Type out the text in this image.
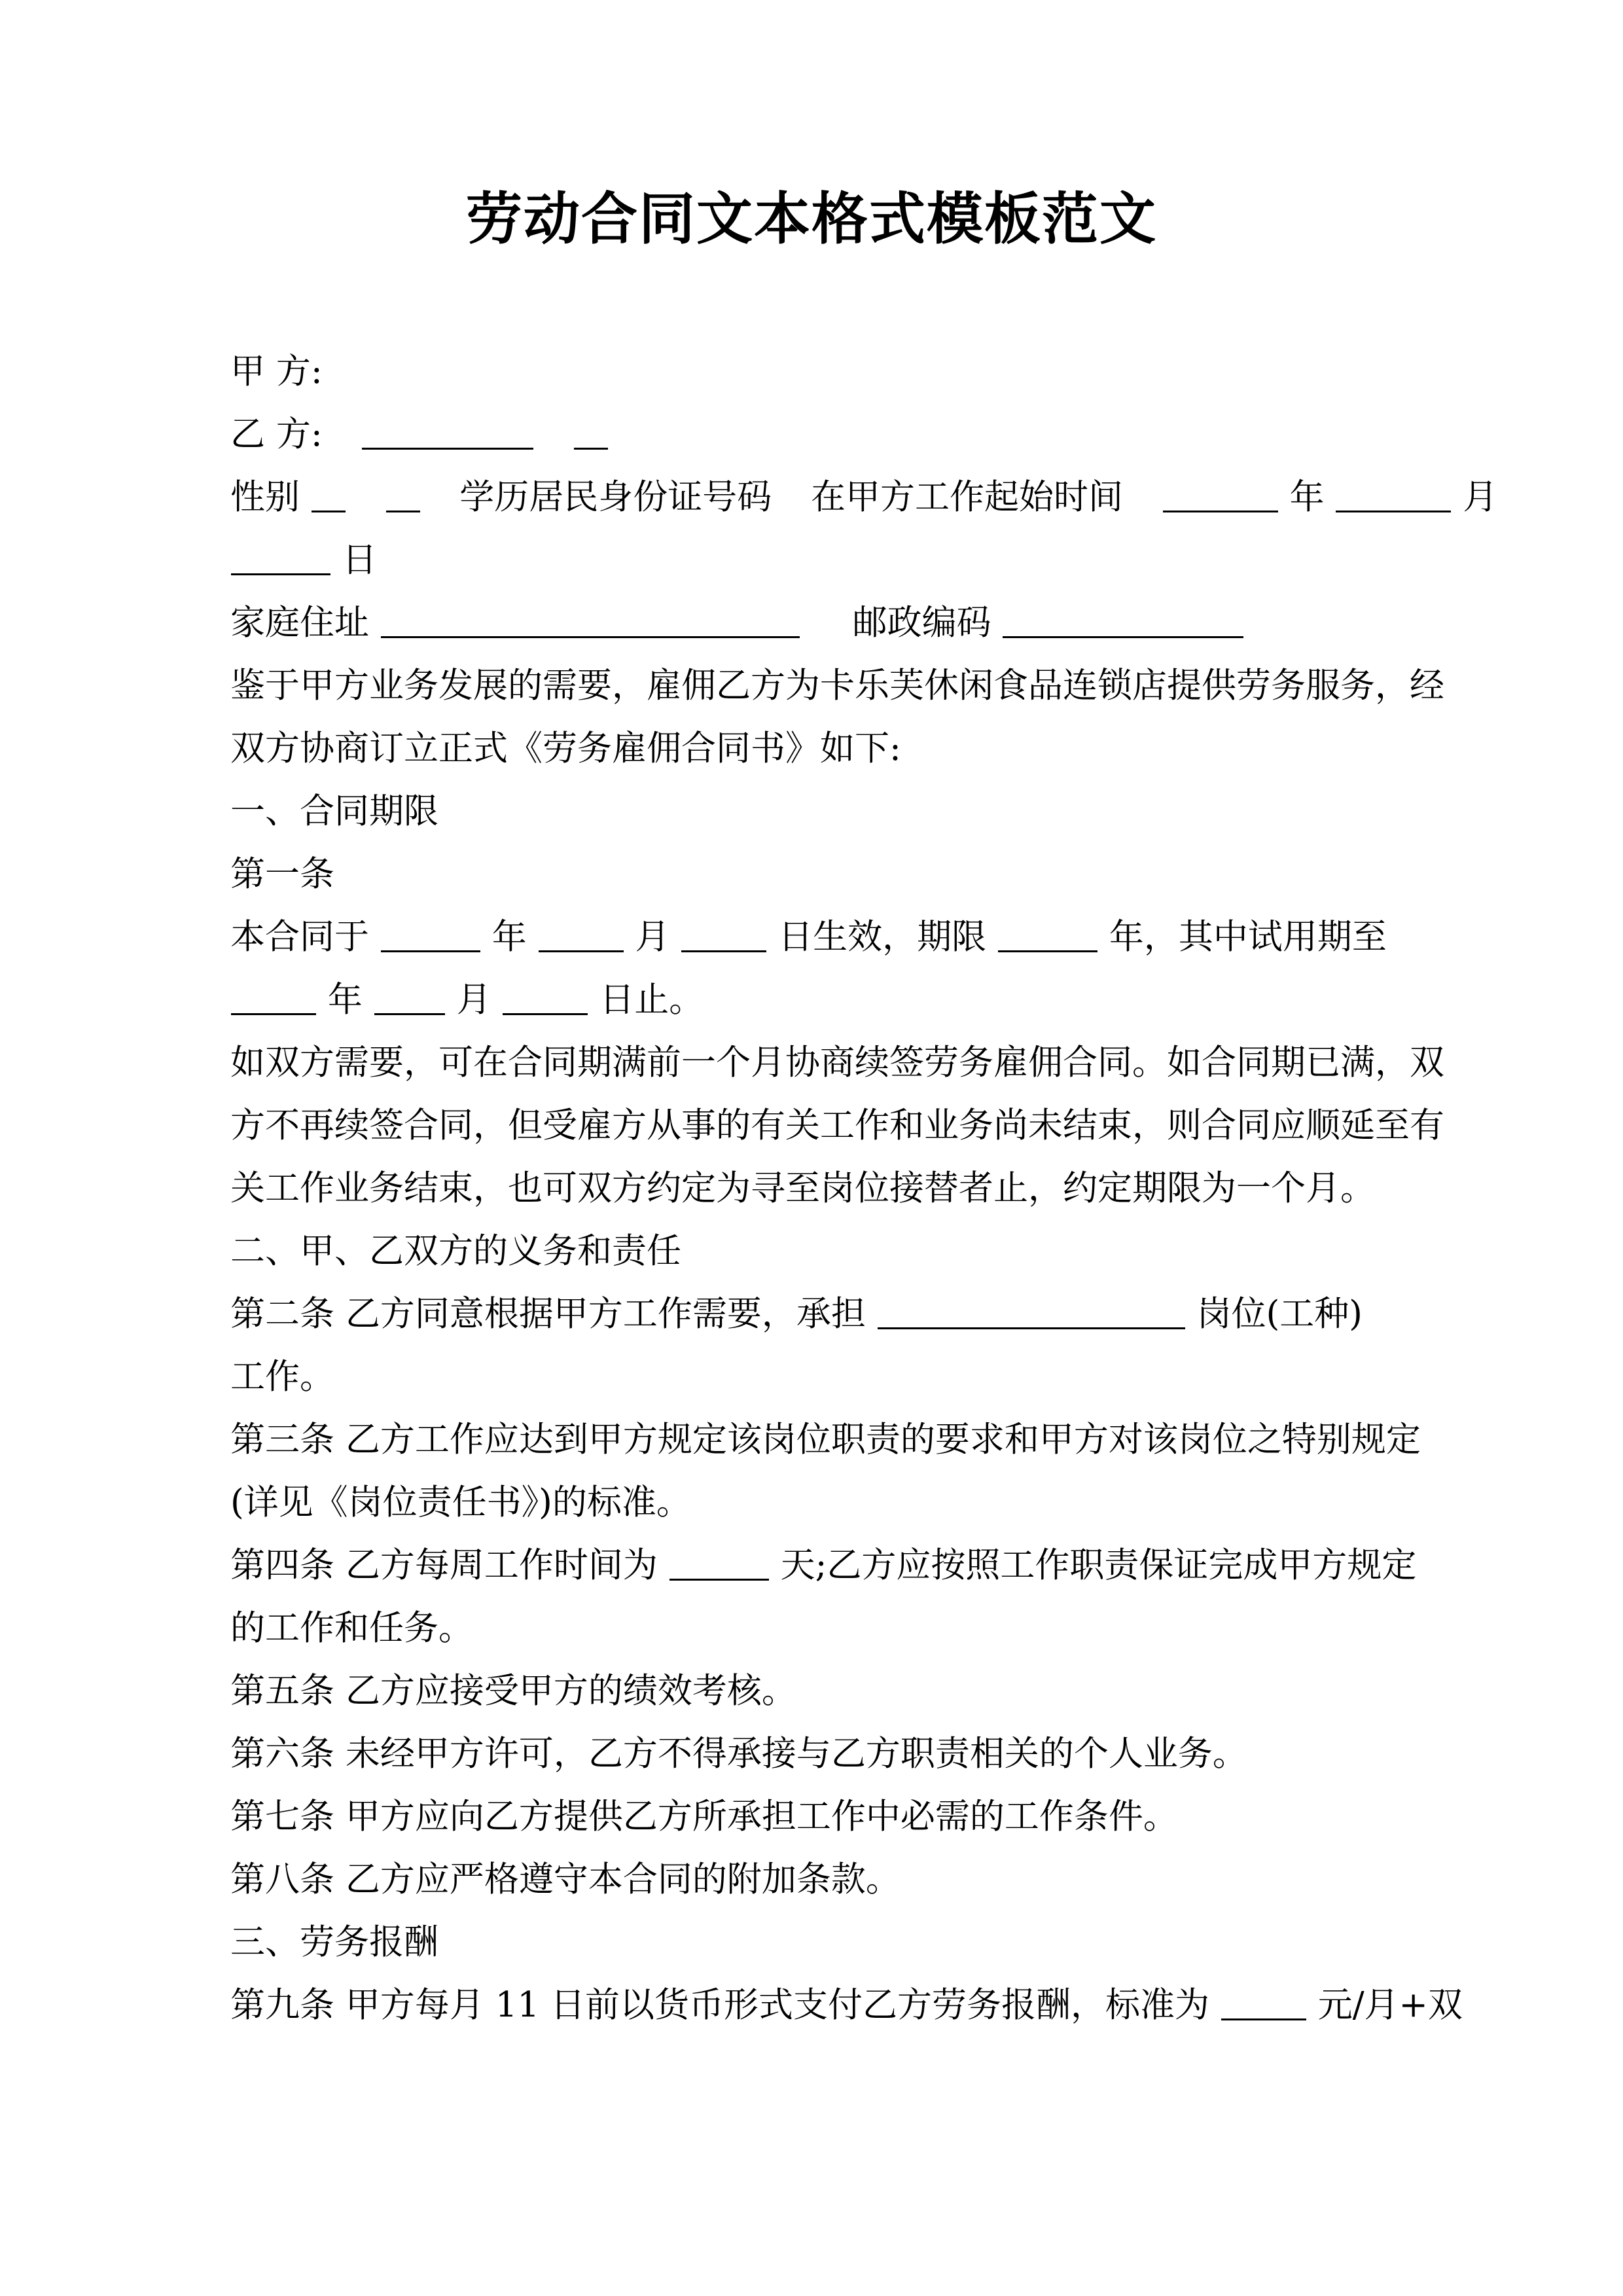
劳动合同文本格式模板范文
甲 方:
乙 方:
性别	学历居民身份证号码 在甲方工作起始时间	年	月
日
家庭住址	邮政编码
鉴于甲方业务发展的需要，雇佣乙方为卡乐芙休闲食品连锁店提供劳务服务，经
双方协商订立正式《劳务雇佣合同书》如下:
一、合同期限
第一条
本合同于	年	月	日生效，期限	年，其中试用期至
年	月	日止。
如双方需要，可在合同期满前一个月协商续签劳务雇佣合同。如合同期已满，双
方不再续签合同，但受雇方从事的有关工作和业务尚未结束，则合同应顺延至有
关工作业务结束，也可双方约定为寻至岗位接替者止，约定期限为一个月。
二、甲、乙双方的义务和责任
第二条 乙方同意根据甲方工作需要，承担	岗位(工种)
工作。
第三条 乙方工作应达到甲方规定该岗位职责的要求和甲方对该岗位之特别规定
(详见《岗位责任书》)的标准。
第四条 乙方每周工作时间为	天;乙方应按照工作职责保证完成甲方规定
的工作和任务。
第五条 乙方应接受甲方的绩效考核。
第六条 未经甲方许可，乙方不得承接与乙方职责相关的个人业务。
第七条 甲方应向乙方提供乙方所承担工作中必需的工作条件。
第八条 乙方应严格遵守本合同的附加条款。
三、劳务报酬
第九条 甲方每月 11 日前以货币形式支付乙方劳务报酬，标准为	元/月+双
